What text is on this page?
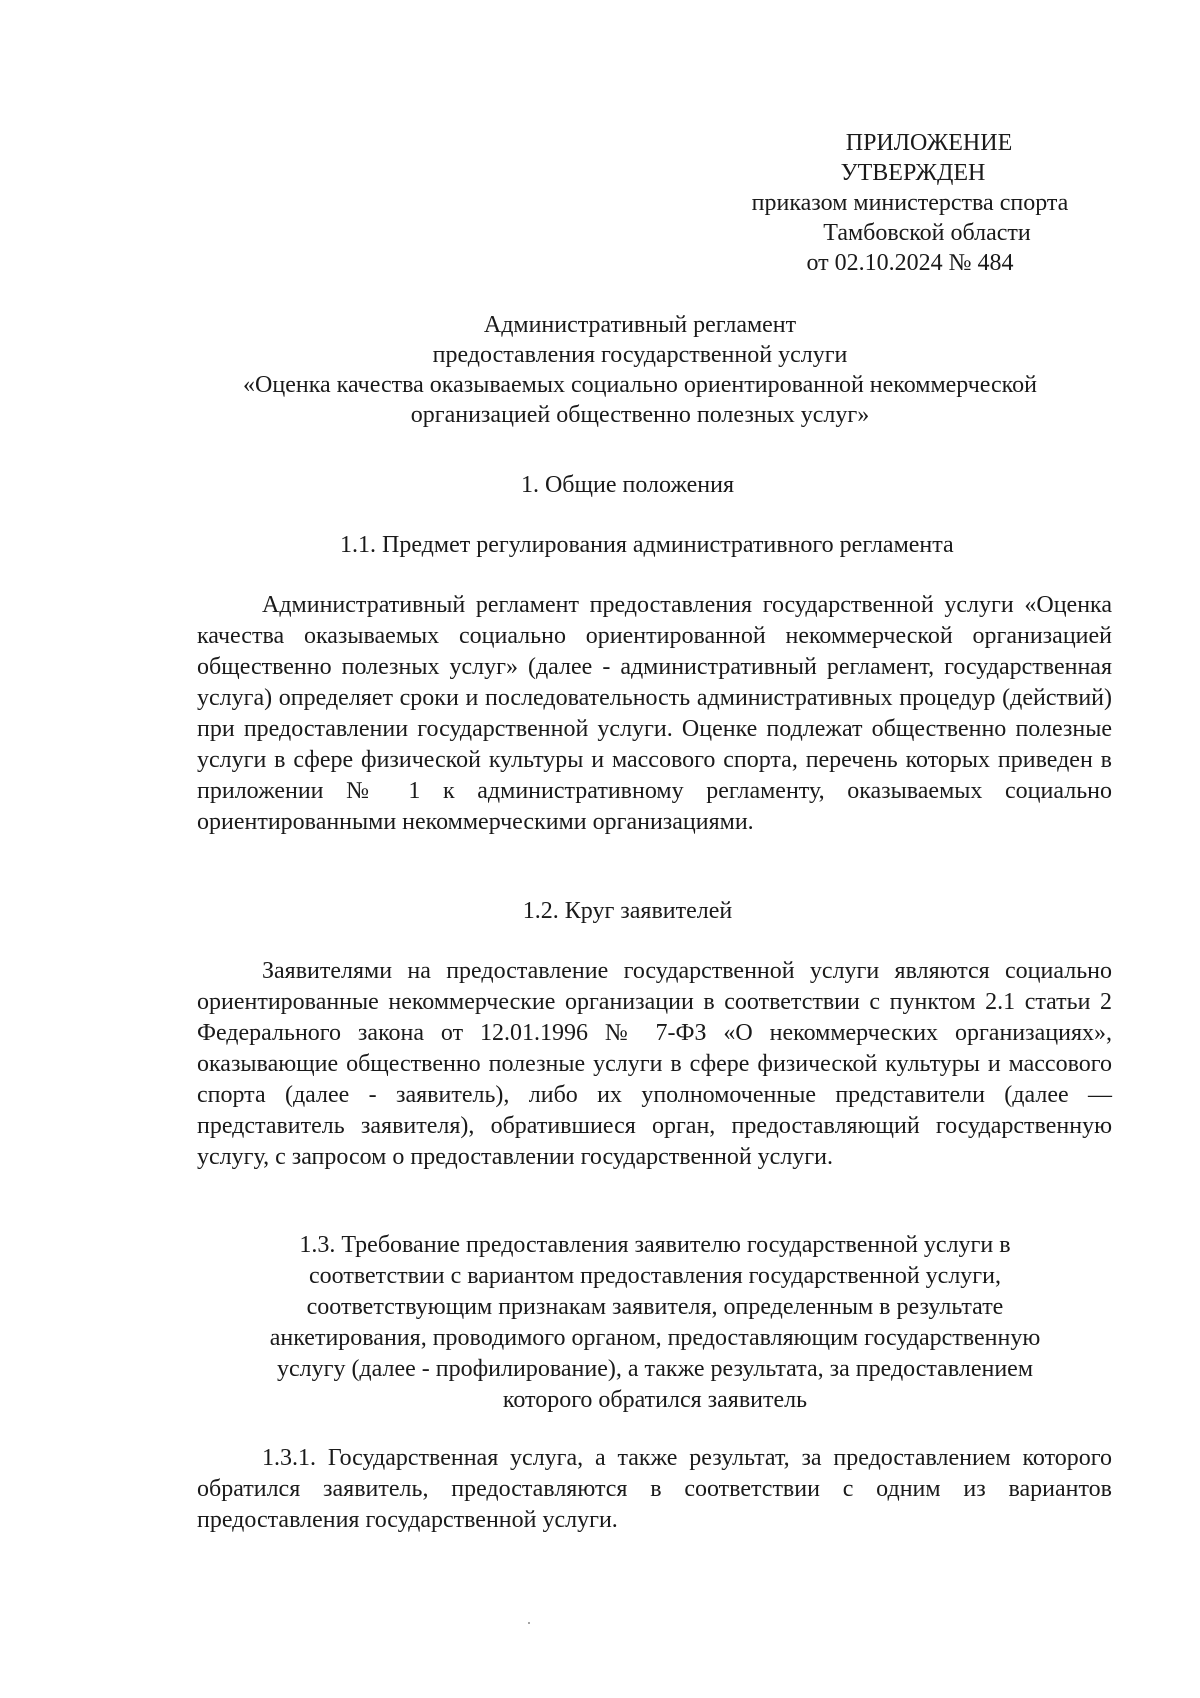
ПРИЛОЖЕНИЕ
УТВЕРЖДЕН
приказом министерства спорта
Тамбовской области
от 02.10.2024 № 484
Административный регламент
предоставления государственной услуги
«Оценка качества оказываемых социально ориентированной некоммерческой
организацией общественно полезных услуг»
1. Общие положения
1.1. Предмет регулирования административного регламента

Административный регламент предоставления государственной услуги «Оценка качества оказываемых социально ориентированной некоммерческой организацией общественно полезных услуг» (далее - административный регламент, государственная услуга) определяет сроки и последовательность административных процедур (действий) при предоставлении государственной услуги. Оценке подлежат общественно полезные услуги в сфере физической культуры и массового спорта, перечень которых приведен в приложении № 1 к административному регламенту, оказываемых социально ориентированными некоммерческими организациями.

1.2. Круг заявителей

Заявителями на предоставление государственной услуги являются социально ориентированные некоммерческие организации в соответствии с пунктом 2.1 статьи 2 Федерального закона от 12.01.1996 № 7-ФЗ «О некоммерческих организациях», оказывающие общественно полезные услуги в сфере физической культуры и массового спорта (далее - заявитель), либо их уполномоченные представители (далее — представитель заявителя), обратившиеся орган, предоставляющий государственную услугу, с запросом о предоставлении государственной услуги.

1.3. Требование предоставления заявителю государственной услуги в
соответствии с вариантом предоставления государственной услуги,
соответствующим признакам заявителя, определенным в результате
анкетирования, проводимого органом, предоставляющим государственную
услугу (далее - профилирование), а также результата, за предоставлением
которого обратился заявитель

1.3.1. Государственная услуга, а также результат, за предоставлением которого обратился заявитель, предоставляются в соответствии с одним из вариантов предоставления государственной услуги.
